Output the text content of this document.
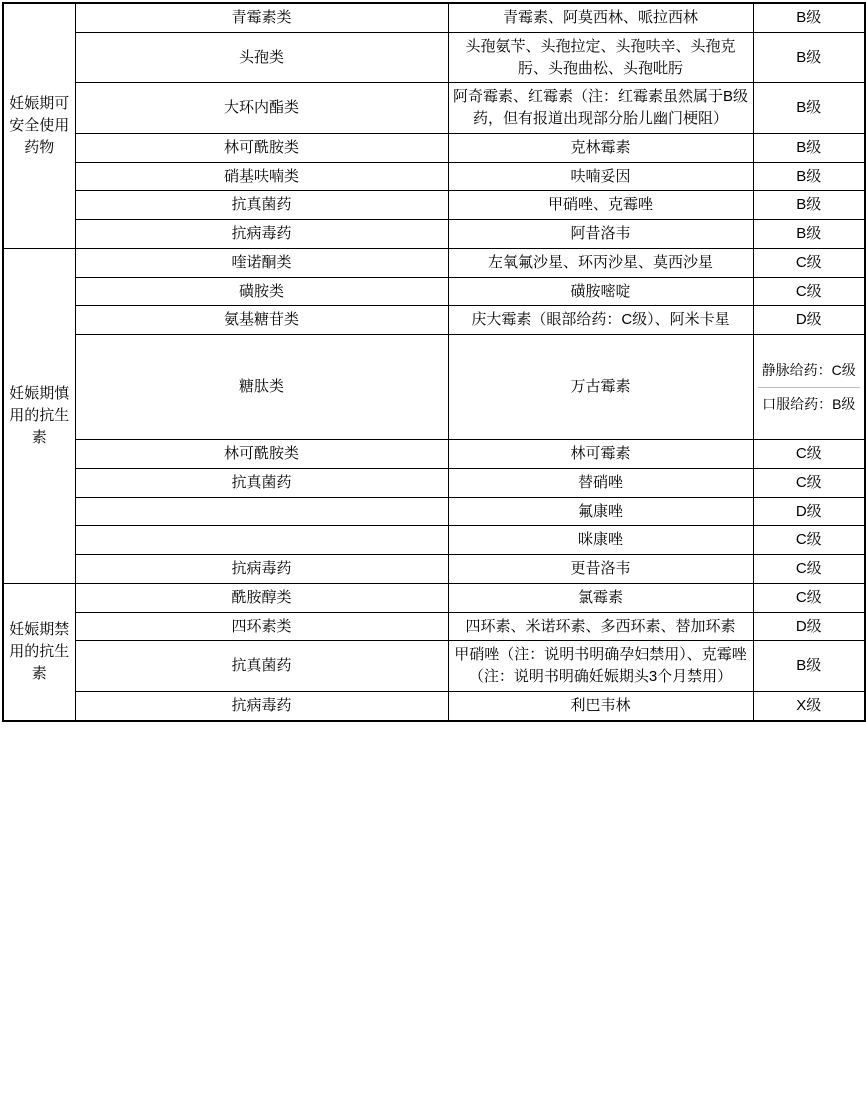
妊娠期可安全使用药物	青霉素类	青霉素、阿莫西林、哌拉西林	B级
	头孢类	头孢氨苄、头孢拉定、头孢呋辛、头孢克肟、头孢曲松、头孢吡肟	B级
	大环内酯类	阿奇霉素、红霉素（注：红霉素虽然属于B级药，但有报道出现部分胎儿幽门梗阻）	B级
	林可酰胺类	克林霉素	B级
	硝基呋喃类	呋喃妥因	B级
	抗真菌药	甲硝唑、克霉唑	B级
	抗病毒药	阿昔洛韦	B级
妊娠期慎用的抗生素	喹诺酮类	左氧氟沙星、环丙沙星、莫西沙星	C级
	磺胺类	磺胺嘧啶	C级
	氨基糖苷类	庆大霉素（眼部给药：C级）、阿米卡星	D级
	糖肽类	万古霉素	静脉给药：C级
口服给药：B级

	林可酰胺类	林可霉素	C级
	抗真菌药	替硝唑	C级
		氟康唑	D级
		咪康唑	C级
	抗病毒药	更昔洛韦	C级
妊娠期禁用的抗生素	酰胺醇类	氯霉素	C级
	四环素类	四环素、米诺环素、多西环素、替加环素	D级
	抗真菌药	甲硝唑（注：说明书明确孕妇禁用）、克霉唑（注：说明书明确妊娠期头3个月禁用）	B级
	抗病毒药	利巴韦林	X级
